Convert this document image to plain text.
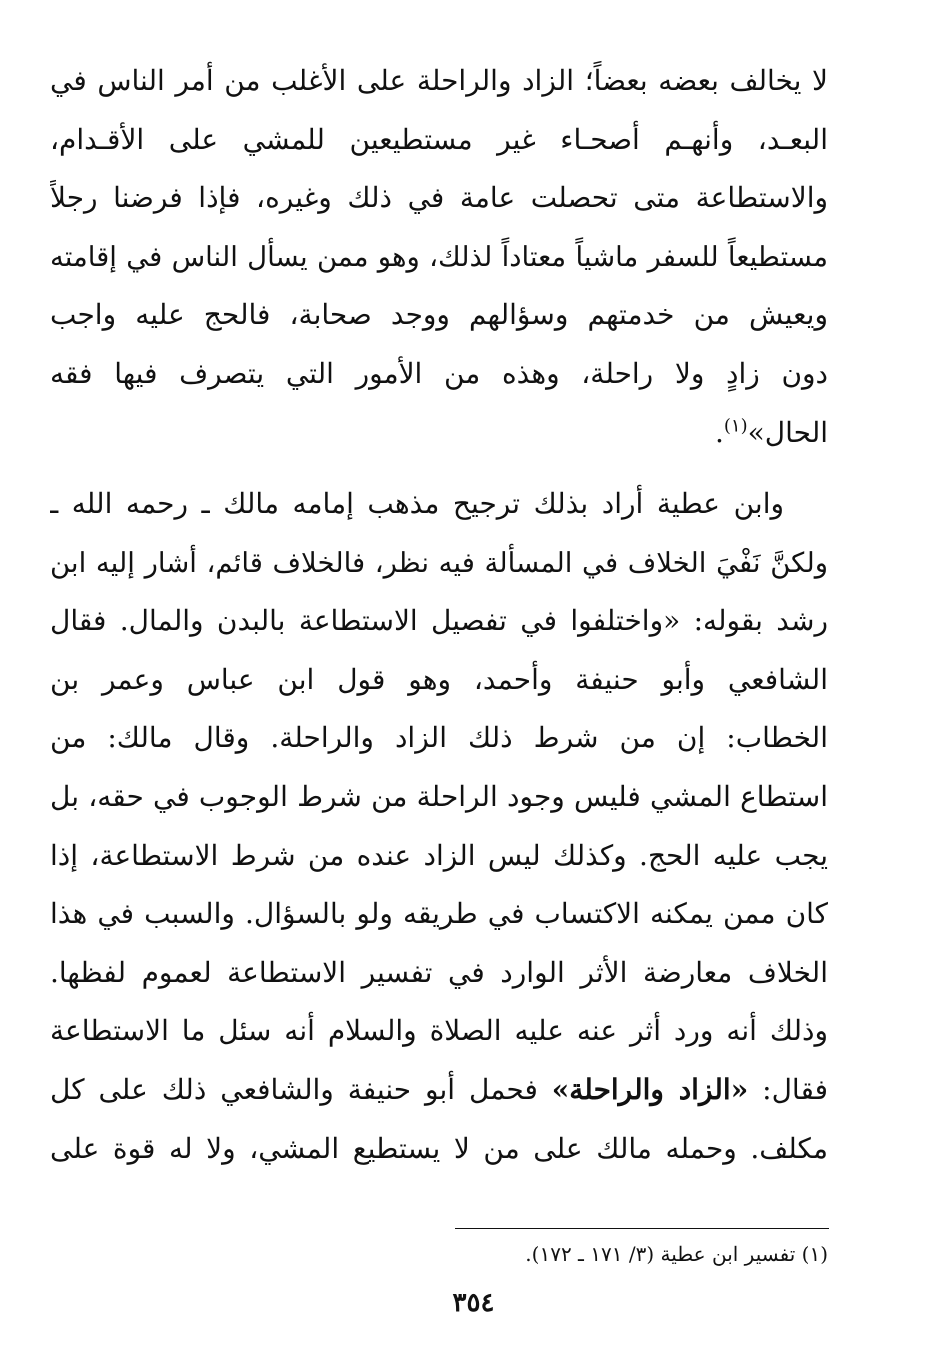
لا يخالف بعضه بعضاً؛ الزاد والراحلة على الأغلب من أمر الناس في
البعـد، وأنهـم أصحـاء غير مستطيعين للمشي على الأقـدام،
والاستطاعة متى تحصلت عامة في ذلك وغيره، فإذا فرضنا رجلاً
مستطيعاً للسفر ماشياً معتاداً لذلك، وهو ممن يسأل الناس في إقامته
ويعيش من خدمتهم وسؤالهم ووجد صحابة، فالحج عليه واجب
دون زادٍ ولا راحلة، وهذه من الأمور التي يتصرف فيها فقه
الحال»$^{(١)}$.
وابن عطية أراد بذلك ترجيح مذهب إمامه مالك ـ رحمه الله ـ
ولكنَّ نَفْيَ الخلاف في المسألة فيه نظر، فالخلاف قائم، أشار إليه ابن
رشد بقوله: «واختلفوا في تفصيل الاستطاعة بالبدن والمال. فقال
الشافعي وأبو حنيفة وأحمد، وهو قول ابن عباس وعمر بن
الخطاب: إن من شرط ذلك الزاد والراحلة. وقال مالك: من
استطاع المشي فليس وجود الراحلة من شرط الوجوب في حقه، بل
يجب عليه الحج. وكذلك ليس الزاد عنده من شرط الاستطاعة، إذا
كان ممن يمكنه الاكتساب في طريقه ولو بالسؤال. والسبب في هذا
الخلاف معارضة الأثر الوارد في تفسير الاستطاعة لعموم لفظها.
وذلك أنه ورد أثر عنه عليه الصلاة والسلام أنه سئل ما الاستطاعة
فقال: «الزاد والراحلة» فحمل أبو حنيفة والشافعي ذلك على كل
مكلف. وحمله مالك على من لا يستطيع المشي، ولا له قوة على
(١) تفسير ابن عطية (٣/ ١٧١ ـ ١٧٢).
٣٥٤
